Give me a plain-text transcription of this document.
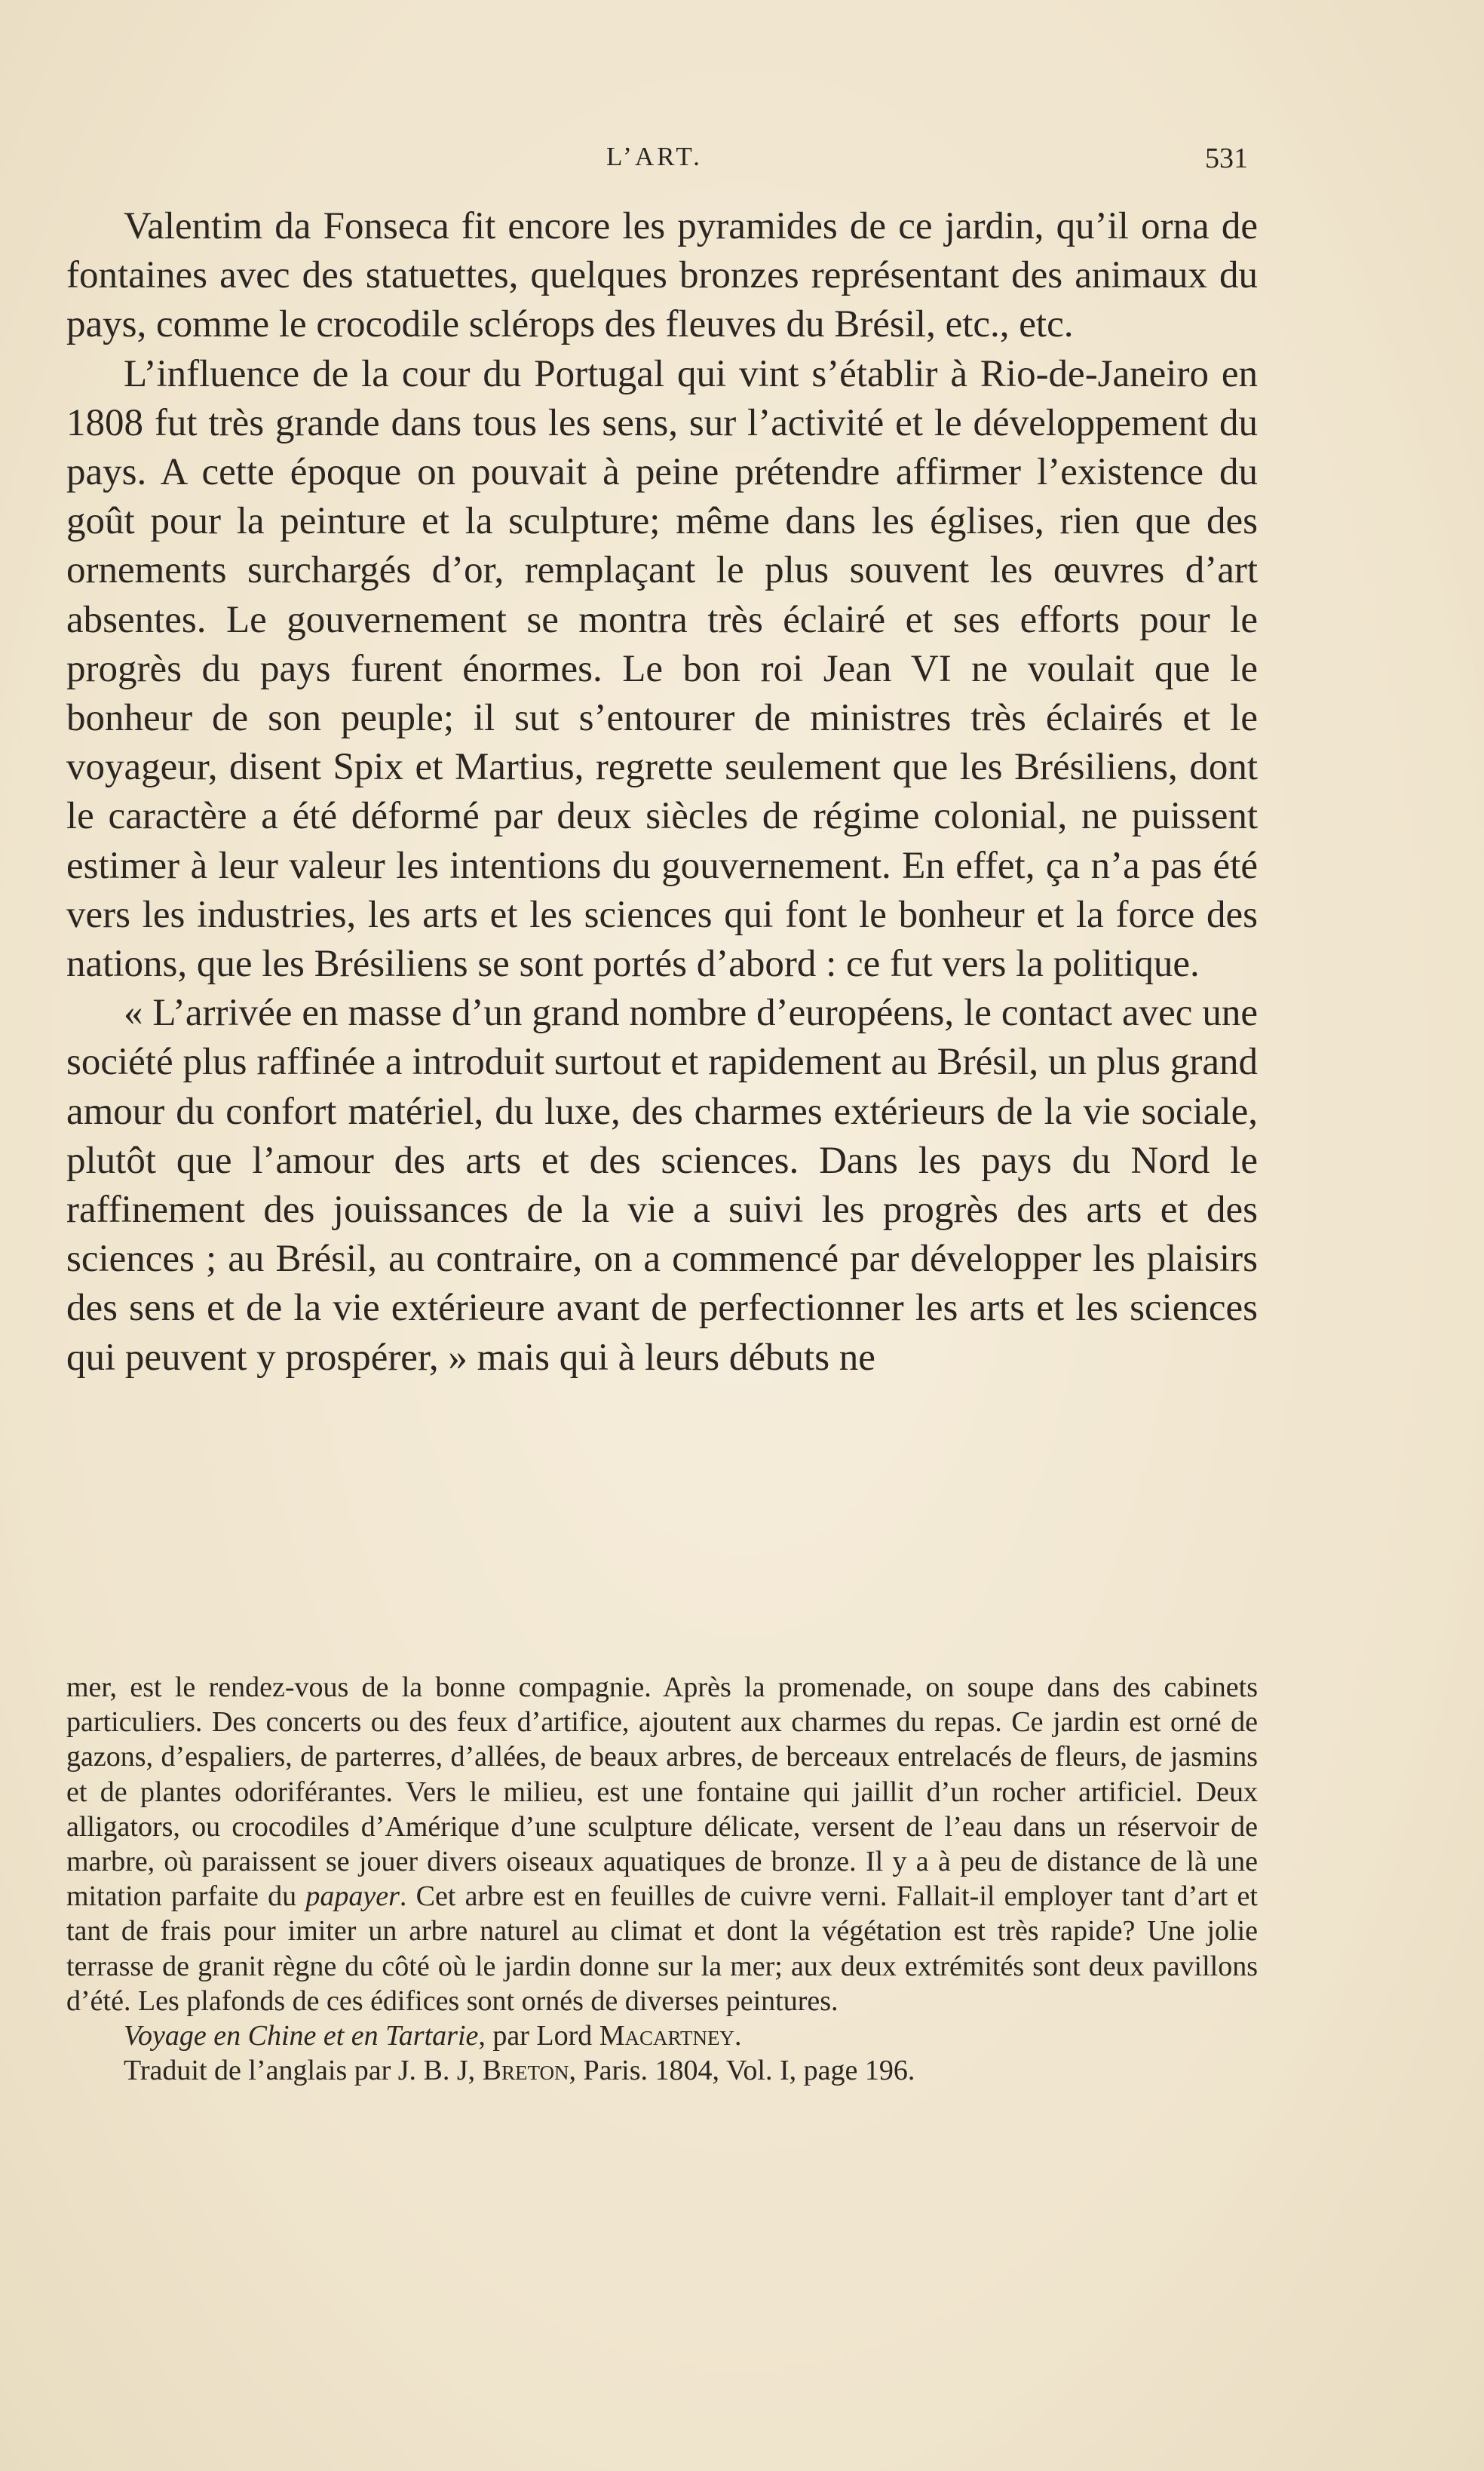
L’ART.	531

Valentim da Fonseca fit encore les pyramides de ce jardin, qu’il orna de fontaines avec des statuettes, quelques bronzes représentant des animaux du pays, comme le crocodile sclérops des fleuves du Brésil, etc., etc.

L’influence de la cour du Portugal qui vint s’établir à Rio-de-Janeiro en 1808 fut très grande dans tous les sens, sur l’activité et le développement du pays. A cette époque on pouvait à peine prétendre affirmer l’existence du goût pour la peinture et la sculpture; même dans les églises, rien que des ornements surchargés d’or, remplaçant le plus souvent les œuvres d’art absentes. Le gouvernement se montra très éclairé et ses efforts pour le progrès du pays furent énormes. Le bon roi Jean VI ne voulait que le bonheur de son peuple; il sut s’entourer de ministres très éclairés et le voyageur, disent Spix et Martius, regrette seulement que les Brésiliens, dont le caractère a été déformé par deux siècles de régime colonial, ne puissent estimer à leur valeur les intentions du gouvernement. En effet, ça n’a pas été vers les industries, les arts et les sciences qui font le bonheur et la force des nations, que les Brésiliens se sont portés d’abord : ce fut vers la politique.

« L’arrivée en masse d’un grand nombre d’européens, le contact avec une société plus raffinée a introduit surtout et rapidement au Brésil, un plus grand amour du confort matériel, du luxe, des charmes extérieurs de la vie sociale, plutôt que l’amour des arts et des sciences. Dans les pays du Nord le raffinement des jouissances de la vie a suivi les progrès des arts et des sciences ; au Brésil, au contraire, on a commencé par développer les plaisirs des sens et de la vie extérieure avant de perfectionner les arts et les sciences qui peuvent y prospérer, » mais qui à leurs débuts ne

mer, est le rendez-vous de la bonne compagnie. Après la promenade, on soupe dans des cabinets particuliers. Des concerts ou des feux d’artifice, ajoutent aux charmes du repas. Ce jardin est orné de gazons, d’espaliers, de parterres, d’allées, de beaux arbres, de berceaux entrelacés de fleurs, de jasmins et de plantes odoriférantes. Vers le milieu, est une fontaine qui jaillit d’un rocher artificiel. Deux alligators, ou crocodiles d’Amérique d’une sculpture délicate, versent de l’eau dans un réservoir de marbre, où paraissent se jouer divers oiseaux aquatiques de bronze. Il y a à peu de distance de là une mitation parfaite du papayer. Cet arbre est en feuilles de cuivre verni. Fallait-il employer tant d’art et tant de frais pour imiter un arbre naturel au climat et dont la végétation est très rapide? Une jolie terrasse de granit règne du côté où le jardin donne sur la mer; aux deux extrémités sont deux pavillons d’été. Les plafonds de ces édifices sont ornés de diverses peintures.

Voyage en Chine et en Tartarie, par Lord Macartney.

Traduit de l’anglais par J. B. J, Breton, Paris. 1804, Vol. I, page 196.
